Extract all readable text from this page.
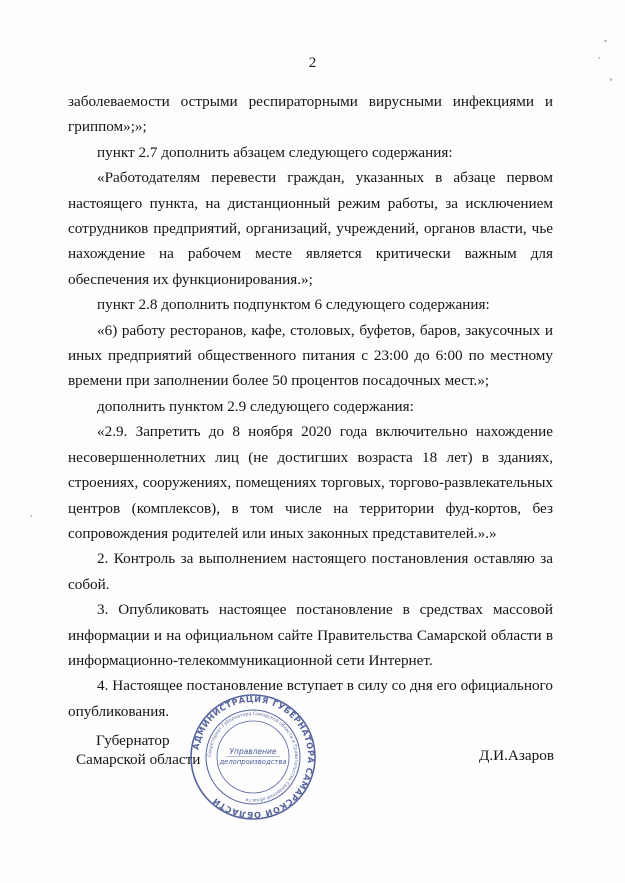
2

заболеваемости острыми респираторными вирусными инфекциями и гриппом»;»;

пункт 2.7 дополнить абзацем следующего содержания:

«Работодателям перевести граждан, указанных в абзаце первом настоящего пункта, на дистанционный режим работы, за исключением сотрудников предприятий, организаций, учреждений, органов власти, чье нахождение на рабочем месте является критически важным для обеспечения их функционирования.»;

пункт 2.8 дополнить подпунктом 6 следующего содержания:

«6) работу ресторанов, кафе, столовых, буфетов, баров, закусочных и иных предприятий общественного питания с 23:00 до 6:00 по местному времени при заполнении более 50 процентов посадочных мест.»;

дополнить пунктом 2.9 следующего содержания:

«2.9. Запретить до 8 ноября 2020 года включительно нахождение несовершеннолетних лиц (не достигших возраста 18 лет) в зданиях, строениях, сооружениях, помещениях торговых, торгово-развлекательных центров (комплексов), в том числе на территории фуд-кортов, без сопровождения родителей или иных законных представителей.».»

2. Контроль за выполнением настоящего постановления оставляю за собой.

3. Опубликовать настоящее постановление в средствах массовой информации и на официальном сайте Правительства Самарской области в информационно-телекоммуникационной сети Интернет.

4. Настоящее постановление вступает в силу со дня его официального опубликования.

Губернатор
Самарской области
АДМИНИСТРАЦИЯ ГУБЕРНАТОРА САМАРСКОЙ ОБЛАСТИ
Секретариат Губернатора Самарской области и Правительства Самарской области
Управление
делопроизводства	Д.И.Азаров
